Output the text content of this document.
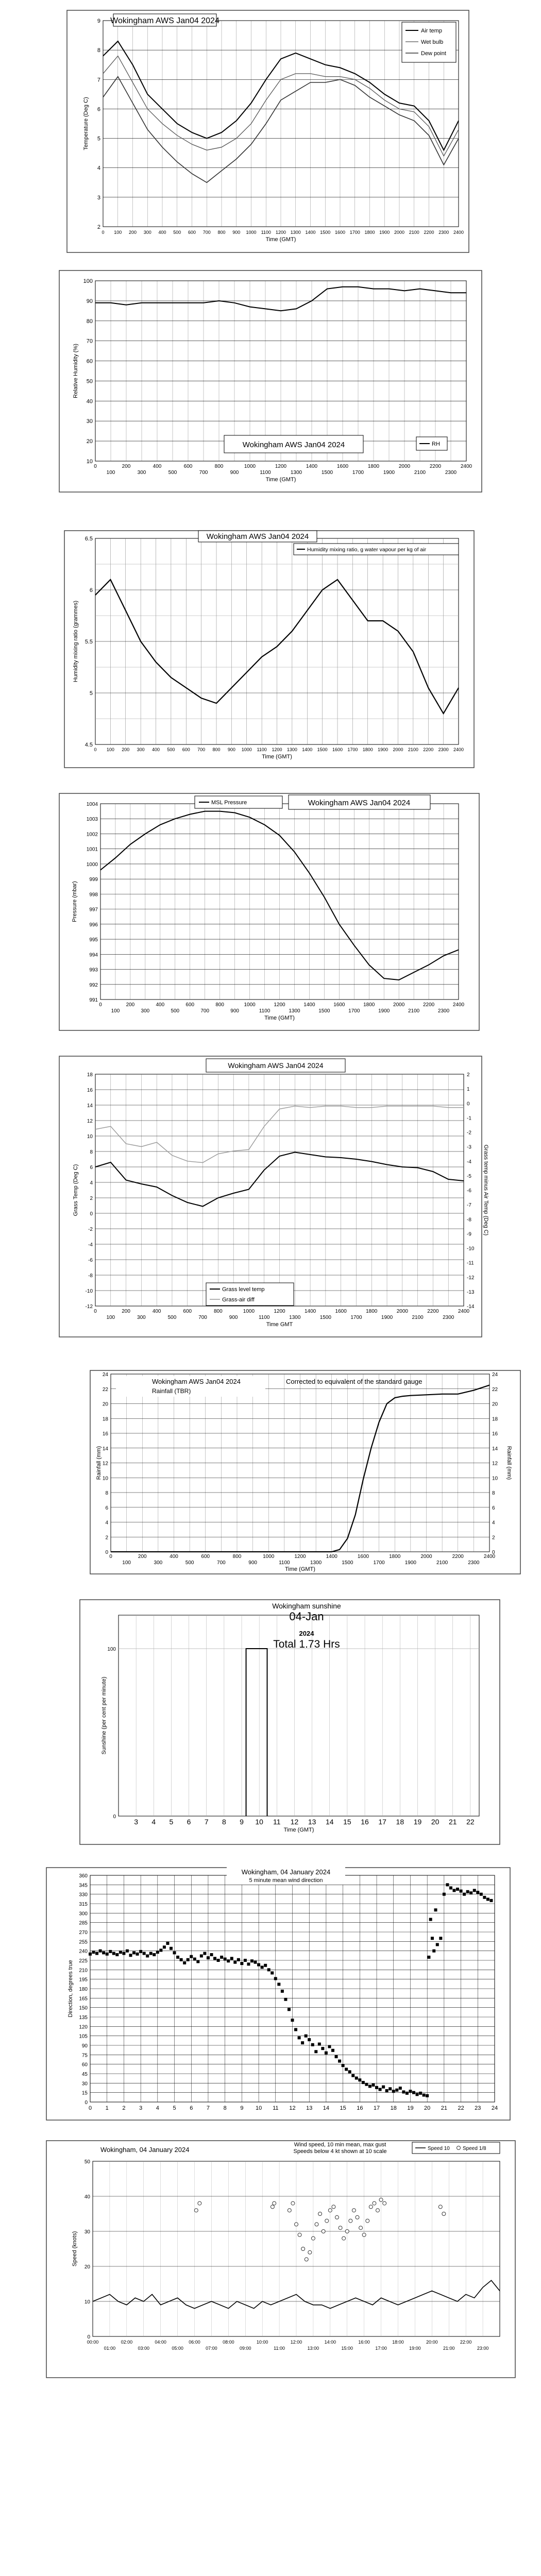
2
3
4
5
6
7
8
9
0 100 200 300 400 500 600 700 800 900 1000 1100 1200 1300 1400 1500 1600 1700 1800 1900 2000 2100 2200 2300 2400
Time (GMT)
Temperature (Deg C)
Wokingham AWS Jan04 2024
Air temp
Wet bulb
Dew point
10
20
30
40
50
60
70
80
90
100
0	200	400	600	800	1000	1200	1400	1600	1800	2000	2200	2400
100	300	500	700	900	1100	1300	1500	1700	1900	2100	2300
Time (GMT)
Relative Humidity (%)
Wokingham AWS Jan04 2024	RH
4.5
5
5.5
6
6.5
0 100 200 300 400 500 600 700 800 900 1000 1100 1200 1300 1400 1500 1600 1700 1800 1900 2000 2100 2200 2300 2400
Time (GMT)
Humidity mixing ratio (grammes)
Wokingham AWS Jan04 2024
Humidity mixing ratio, g water vapour per kg of air
991
992
993
994
995
996
997
998
999
1000
1001
1002
1003
1004
0	200	400	600	800	1000	1200	1400	1600	1800	2000	2200	2400
100	300	500	700	900	1100	1300	1500	1700	1900	2100	2300
Time (GMT)
Pressure (mbar)
MSL Pressure	Wokingham AWS Jan04 2024
-12
-10
-8
-6
-4
-2
0
2
4
6
8
10
12
14
16
18
-14
-13
-12
-11
-10
-9
-8
-7
-6
-5
-4
-3
-2
-1
0
1
2
0	200	400	600	800	1000	1200	1400	1600	1800	2000	2200	2400
100	300	500	700	900	1100	1300	1500	1700	1900	2100	2300
Time GMT
Grass Temp (Deg C)	Grass temp minus Air Temp (Deg C)
Wokingham AWS Jan04 2024
Grass level temp
Grass-air diff
0
2
4
6
8
10
12
14
16
18
20
22
24
0
2
4
6
8
10
12
14
16
18
20
22
24
0	200	400	600	800	1000	1200	1400	1600	1800	2000	2200	2400
100	300	500	700	900	1100	1300	1500	1700	1900	2100	2300
Time (GMT)
Rainfall (mm)	Rainfall (mm)
Wokingham AWS Jan04 2024
Rainfall (TBR)
Corrected to equivalent of the standard gauge
0
100
3 4 5 6 7 8 9 10 11 12 13 14 15 16 17 18 19 20 21 22
Time (GMT)
Sunshine (per cent per minute)
Wokingham sunshine
04-Jan
2024
Total 1.73 Hrs
0
15
30
45
60
75
90
105
120
135
150
165
180
195
210
225
240
255
270
285
300
315
330
345
360
0 1 2 3 4 5 6 7 8 9 10 11 12 13 14 15 16 17 18 19 20 21 22 23 24
Direction, degrees true
Wokingham, 04 January 2024
5 minute mean wind direction
0
10
20
30
40
50
00:00	02:00	04:00	06:00	08:00	10:00	12:00	14:00	16:00	18:00	20:00	22:00
01:00	03:00	05:00	07:00	09:00	11:00	13:00	15:00	17:00	19:00	21:00	23:00
Speed (knots)
Wokingham, 04 January 2024
Wind speed, 10 min mean, max gust
Speeds below 4 kt shown at 10 scale	Speed 10	Speed 1/8
